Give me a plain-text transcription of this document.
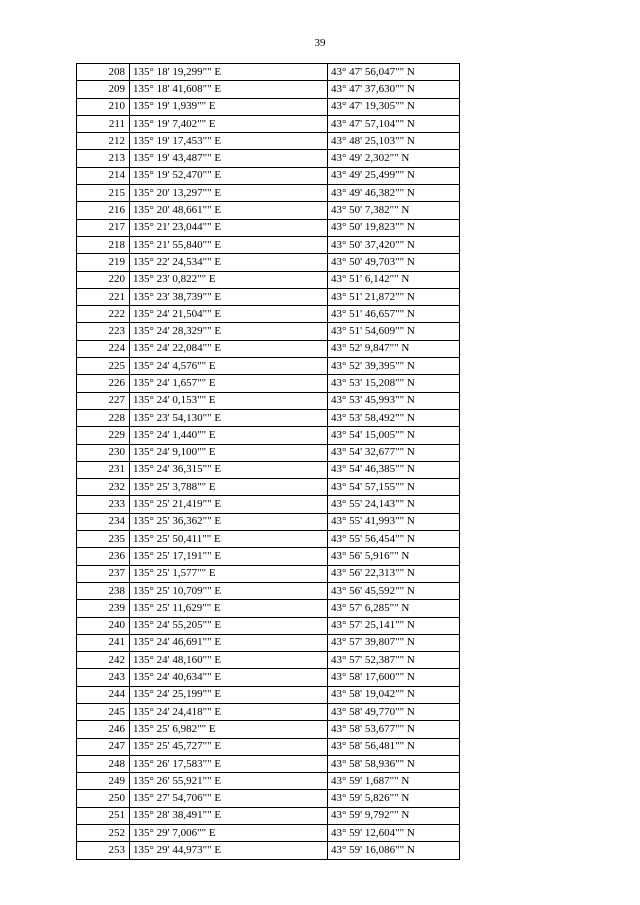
39
208	135° 18' 19,299"" E	43° 47' 56,047"" N
209	135° 18' 41,608"" E	43° 47' 37,630"" N
210	135° 19' 1,939"" E	43° 47' 19,305"" N
211	135° 19' 7,402"" E	43° 47' 57,104"" N
212	135° 19' 17,453"" E	43° 48' 25,103"" N
213	135° 19' 43,487"" E	43° 49' 2,302"" N
214	135° 19' 52,470"" E	43° 49' 25,499"" N
215	135° 20' 13,297"" E	43° 49' 46,382"" N
216	135° 20' 48,661"" E	43° 50' 7,382"" N
217	135° 21' 23,044"" E	43° 50' 19,823"" N
218	135° 21' 55,840"" E	43° 50' 37,420"" N
219	135° 22' 24,534"" E	43° 50' 49,703"" N
220	135° 23' 0,822"" E	43° 51' 6,142"" N
221	135° 23' 38,739"" E	43° 51' 21,872"" N
222	135° 24' 21,504"" E	43° 51' 46,657"" N
223	135° 24' 28,329"" E	43° 51' 54,609"" N
224	135° 24' 22,084"" E	43° 52' 9,847"" N
225	135° 24' 4,576"" E	43° 52' 39,395"" N
226	135° 24' 1,657"" E	43° 53' 15,208"" N
227	135° 24' 0,153"" E	43° 53' 45,993"" N
228	135° 23' 54,130"" E	43° 53' 58,492"" N
229	135° 24' 1,440"" E	43° 54' 15,005"" N
230	135° 24' 9,100"" E	43° 54' 32,677"" N
231	135° 24' 36,315"" E	43° 54' 46,385"" N
232	135° 25' 3,788"" E	43° 54' 57,155"" N
233	135° 25' 21,419"" E	43° 55' 24,143"" N
234	135° 25' 36,362"" E	43° 55' 41,993"" N
235	135° 25' 50,411"" E	43° 55' 56,454"" N
236	135° 25' 17,191"" E	43° 56' 5,916"" N
237	135° 25' 1,577"" E	43° 56' 22,313"" N
238	135° 25' 10,709"" E	43° 56' 45,592"" N
239	135° 25' 11,629"" E	43° 57' 6,285"" N
240	135° 24' 55,205"" E	43° 57' 25,141"" N
241	135° 24' 46,691"" E	43° 57' 39,807"" N
242	135° 24' 48,160"" E	43° 57' 52,387"" N
243	135° 24' 40,634"" E	43° 58' 17,600"" N
244	135° 24' 25,199"" E	43° 58' 19,042"" N
245	135° 24' 24,418"" E	43° 58' 49,770"" N
246	135° 25' 6,982"" E	43° 58' 53,677"" N
247	135° 25' 45,727"" E	43° 58' 56,481"" N
248	135° 26' 17,583"" E	43° 58' 58,936"" N
249	135° 26' 55,921"" E	43° 59' 1,687"" N
250	135° 27' 54,706"" E	43° 59' 5,826"" N
251	135° 28' 38,491"" E	43° 59' 9,792"" N
252	135° 29' 7,006"" E	43° 59' 12,604"" N
253	135° 29' 44,973"" E	43° 59' 16,086"" N
